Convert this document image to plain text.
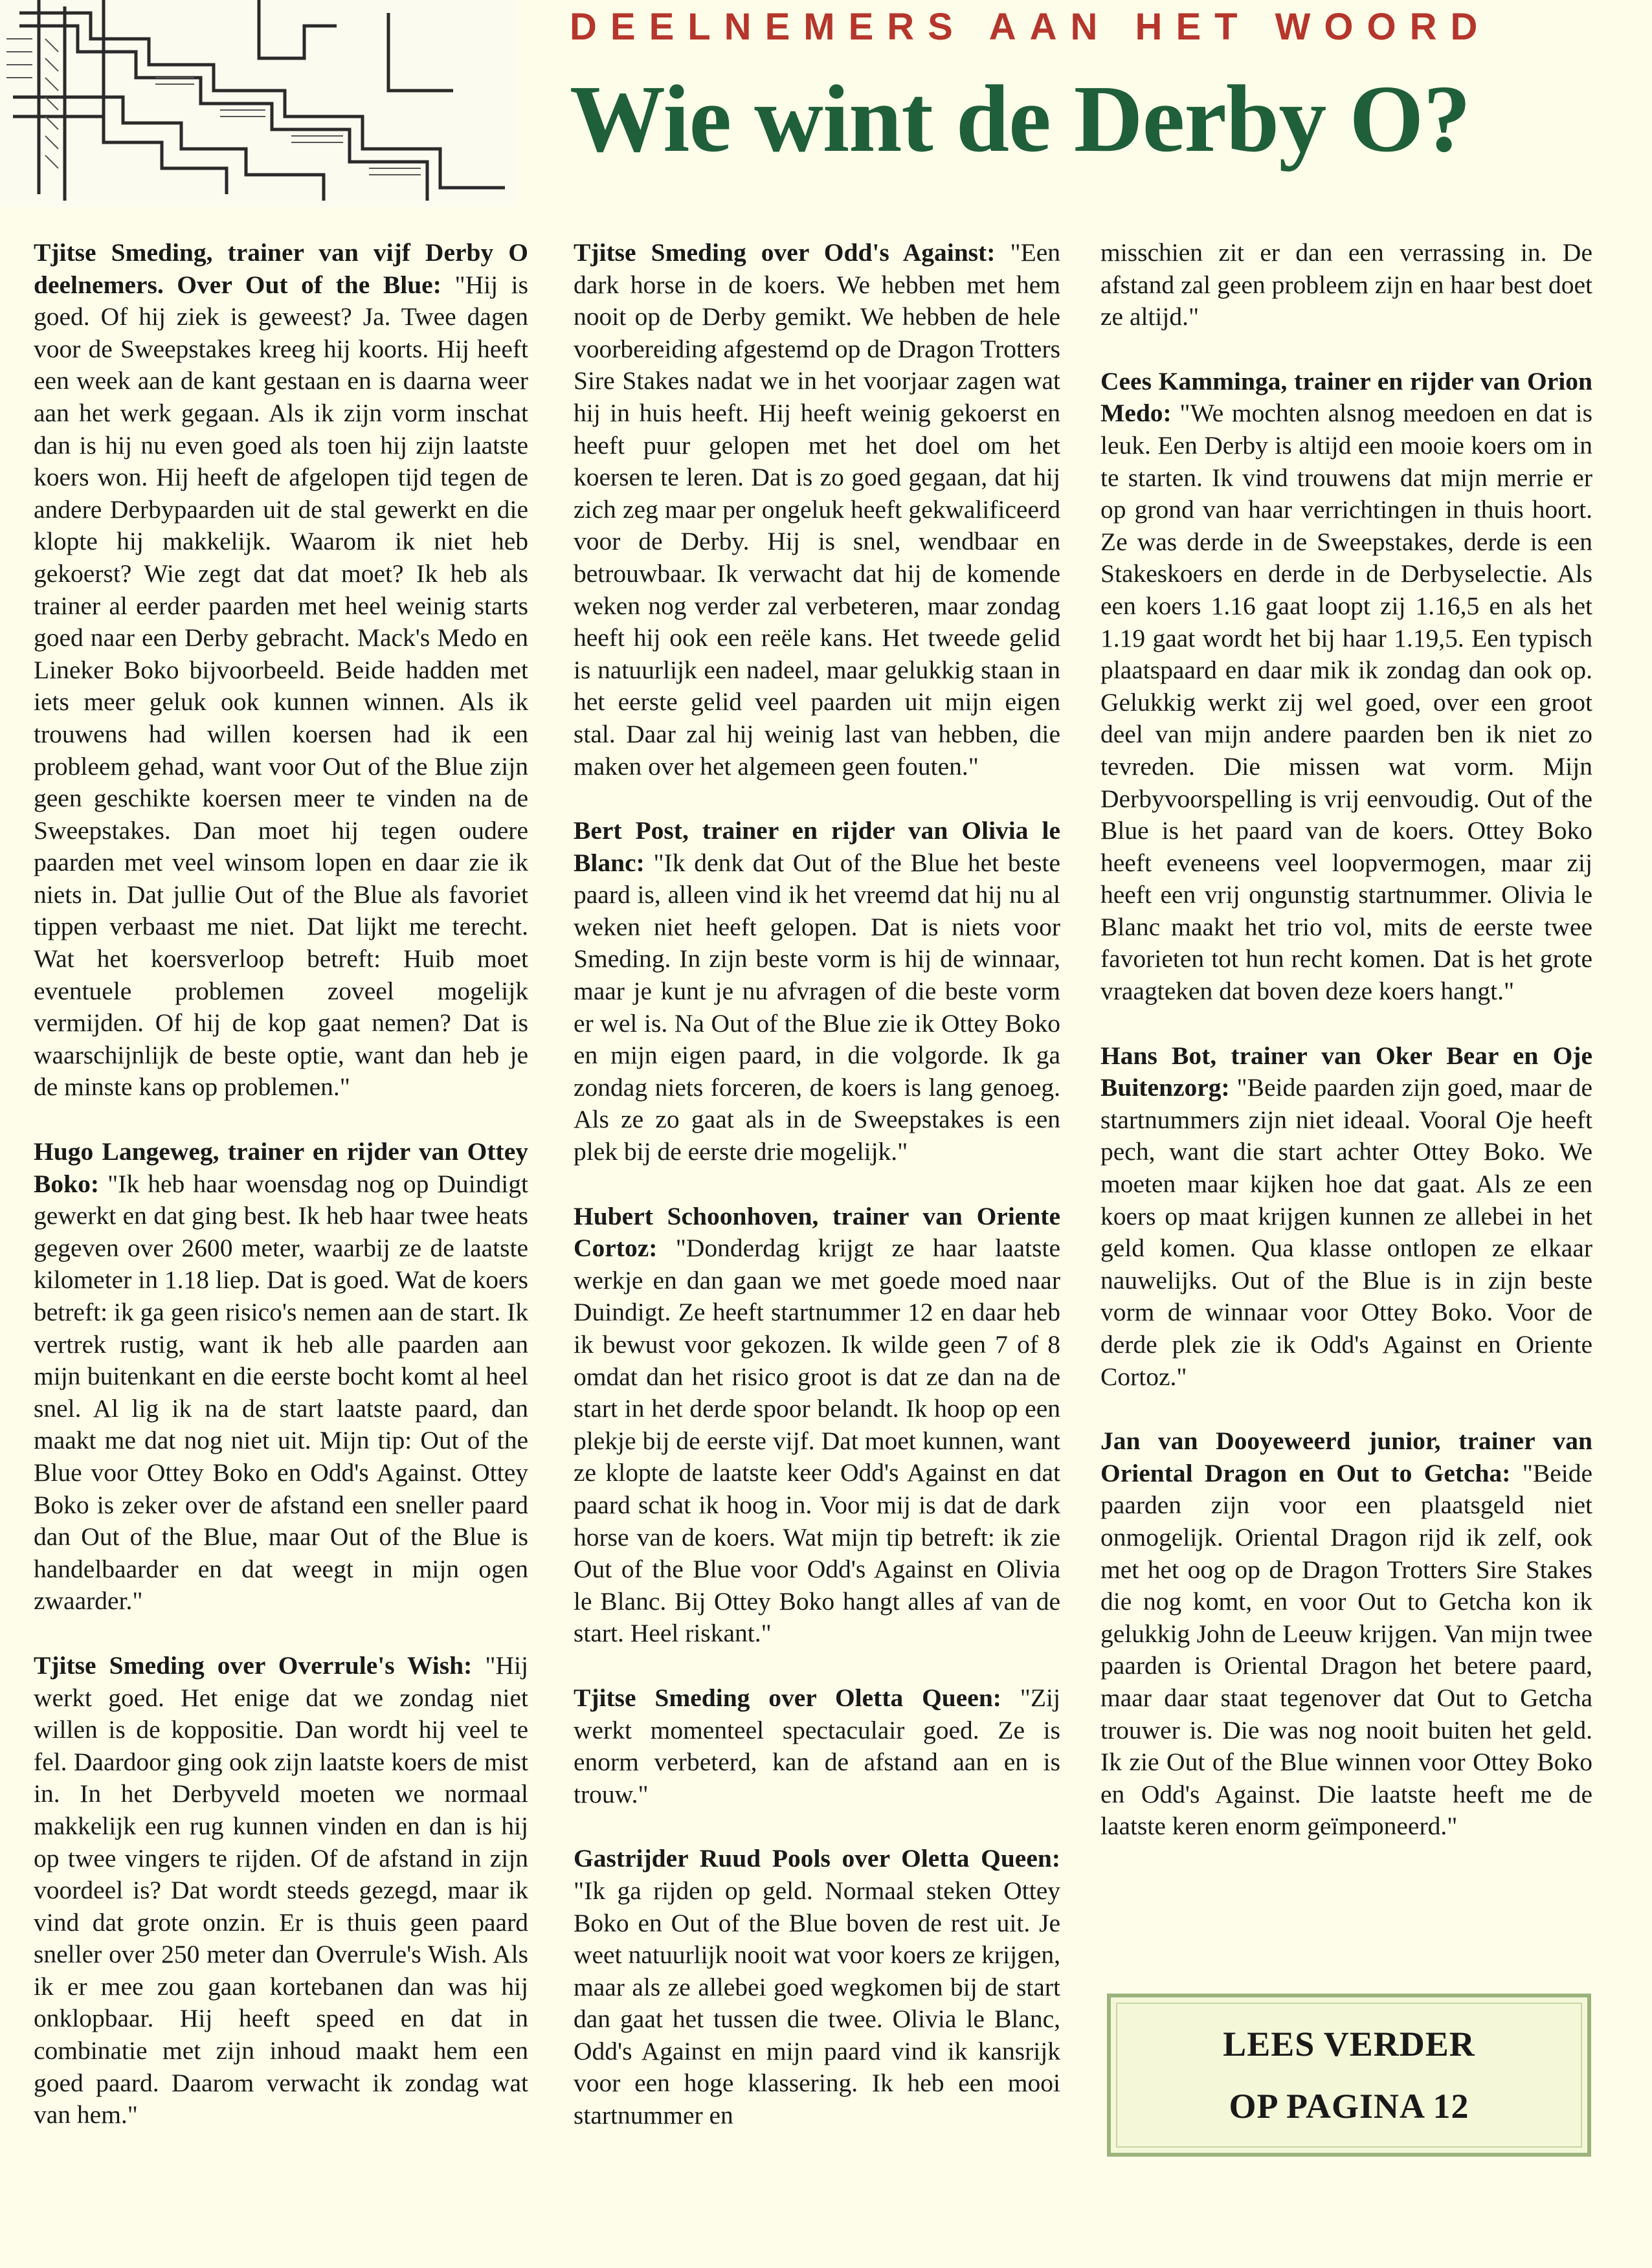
DEELNEMERS AAN HET WOORD
Wie wint de Derby O?

Tjitse Smeding, trainer van vijf Derby O deelnemers. Over Out of the Blue: "Hij is goed. Of hij ziek is geweest? Ja. Twee dagen voor de Sweepstakes kreeg hij koorts. Hij heeft een week aan de kant gestaan en is daarna weer aan het werk gegaan. Als ik zijn vorm inschat dan is hij nu even goed als toen hij zijn laatste koers won. Hij heeft de afgelopen tijd tegen de andere Derbypaarden uit de stal gewerkt en die klopte hij makkelijk. Waarom ik niet heb gekoerst? Wie zegt dat dat moet? Ik heb als trainer al eerder paarden met heel weinig starts goed naar een Derby gebracht. Mack's Medo en Lineker Boko bijvoorbeeld. Beide hadden met iets meer geluk ook kunnen winnen. Als ik trouwens had willen koersen had ik een probleem gehad, want voor Out of the Blue zijn geen geschikte koersen meer te vinden na de Sweepstakes. Dan moet hij tegen oudere paarden met veel winsom lopen en daar zie ik niets in. Dat jullie Out of the Blue als favoriet tippen verbaast me niet. Dat lijkt me terecht. Wat het koersverloop betreft: Huib moet eventuele problemen zoveel mogelijk vermijden. Of hij de kop gaat nemen? Dat is waarschijnlijk de beste optie, want dan heb je de minste kans op problemen."

Hugo Langeweg, trainer en rijder van Ottey Boko: "Ik heb haar woensdag nog op Duindigt gewerkt en dat ging best. Ik heb haar twee heats gegeven over 2600 meter, waarbij ze de laatste kilometer in 1.18 liep. Dat is goed. Wat de koers betreft: ik ga geen risico's nemen aan de start. Ik vertrek rustig, want ik heb alle paarden aan mijn buitenkant en die eerste bocht komt al heel snel. Al lig ik na de start laatste paard, dan maakt me dat nog niet uit. Mijn tip: Out of the Blue voor Ottey Boko en Odd's Against. Ottey Boko is zeker over de afstand een sneller paard dan Out of the Blue, maar Out of the Blue is handelbaarder en dat weegt in mijn ogen zwaarder."

Tjitse Smeding over Overrule's Wish: "Hij werkt goed. Het enige dat we zondag niet willen is de koppositie. Dan wordt hij veel te fel. Daardoor ging ook zijn laatste koers de mist in. In het Derbyveld moeten we normaal makkelijk een rug kunnen vinden en dan is hij op twee vingers te rijden. Of de afstand in zijn voordeel is? Dat wordt steeds gezegd, maar ik vind dat grote onzin. Er is thuis geen paard sneller over 250 meter dan Overrule's Wish. Als ik er mee zou gaan kortebanen dan was hij onklopbaar. Hij heeft speed en dat in combinatie met zijn inhoud maakt hem een goed paard. Daarom verwacht ik zondag wat van hem."

Tjitse Smeding over Odd's Against: "Een dark horse in de koers. We hebben met hem nooit op de Derby gemikt. We hebben de hele voorbereiding afgestemd op de Dragon Trotters Sire Stakes nadat we in het voorjaar zagen wat hij in huis heeft. Hij heeft weinig gekoerst en heeft puur gelopen met het doel om het koersen te leren. Dat is zo goed gegaan, dat hij zich zeg maar per ongeluk heeft gekwalificeerd voor de Derby. Hij is snel, wendbaar en betrouwbaar. Ik verwacht dat hij de komende weken nog verder zal verbeteren, maar zondag heeft hij ook een reële kans. Het tweede gelid is natuurlijk een nadeel, maar gelukkig staan in het eerste gelid veel paarden uit mijn eigen stal. Daar zal hij weinig last van hebben, die maken over het algemeen geen fouten."

Bert Post, trainer en rijder van Olivia le Blanc: "Ik denk dat Out of the Blue het beste paard is, alleen vind ik het vreemd dat hij nu al weken niet heeft gelopen. Dat is niets voor Smeding. In zijn beste vorm is hij de winnaar, maar je kunt je nu afvragen of die beste vorm er wel is. Na Out of the Blue zie ik Ottey Boko en mijn eigen paard, in die volgorde. Ik ga zondag niets forceren, de koers is lang genoeg. Als ze zo gaat als in de Sweepstakes is een plek bij de eerste drie mogelijk."

Hubert Schoonhoven, trainer van Oriente Cortoz: "Donderdag krijgt ze haar laatste werkje en dan gaan we met goede moed naar Duindigt. Ze heeft startnummer 12 en daar heb ik bewust voor gekozen. Ik wilde geen 7 of 8 omdat dan het risico groot is dat ze dan na de start in het derde spoor belandt. Ik hoop op een plekje bij de eerste vijf. Dat moet kunnen, want ze klopte de laatste keer Odd's Against en dat paard schat ik hoog in. Voor mij is dat de dark horse van de koers. Wat mijn tip betreft: ik zie Out of the Blue voor Odd's Against en Olivia le Blanc. Bij Ottey Boko hangt alles af van de start. Heel riskant."

Tjitse Smeding over Oletta Queen: "Zij werkt momenteel spectaculair goed. Ze is enorm verbeterd, kan de afstand aan en is trouw."

Gastrijder Ruud Pools over Oletta Queen: "Ik ga rijden op geld. Normaal steken Ottey Boko en Out of the Blue boven de rest uit. Je weet natuurlijk nooit wat voor koers ze krijgen, maar als ze allebei goed wegkomen bij de start dan gaat het tussen die twee. Olivia le Blanc, Odd's Against en mijn paard vind ik kansrijk voor een hoge klassering. Ik heb een mooi startnummer en

misschien zit er dan een verrassing in. De afstand zal geen probleem zijn en haar best doet ze altijd."

Cees Kamminga, trainer en rijder van Orion Medo: "We mochten alsnog meedoen en dat is leuk. Een Derby is altijd een mooie koers om in te starten. Ik vind trouwens dat mijn merrie er op grond van haar verrichtingen in thuis hoort. Ze was derde in de Sweepstakes, derde is een Stakeskoers en derde in de Derbyselectie. Als een koers 1.16 gaat loopt zij 1.16,5 en als het 1.19 gaat wordt het bij haar 1.19,5. Een typisch plaatspaard en daar mik ik zondag dan ook op. Gelukkig werkt zij wel goed, over een groot deel van mijn andere paarden ben ik niet zo tevreden. Die missen wat vorm. Mijn Derbyvoorspelling is vrij eenvoudig. Out of the Blue is het paard van de koers. Ottey Boko heeft eveneens veel loopvermogen, maar zij heeft een vrij ongunstig startnummer. Olivia le Blanc maakt het trio vol, mits de eerste twee favorieten tot hun recht komen. Dat is het grote vraagteken dat boven deze koers hangt."

Hans Bot, trainer van Oker Bear en Oje Buitenzorg: "Beide paarden zijn goed, maar de startnummers zijn niet ideaal. Vooral Oje heeft pech, want die start achter Ottey Boko. We moeten maar kijken hoe dat gaat. Als ze een koers op maat krijgen kunnen ze allebei in het geld komen. Qua klasse ontlopen ze elkaar nauwelijks. Out of the Blue is in zijn beste vorm de winnaar voor Ottey Boko. Voor de derde plek zie ik Odd's Against en Oriente Cortoz."

Jan van Dooyeweerd junior, trainer van Oriental Dragon en Out to Getcha: "Beide paarden zijn voor een plaatsgeld niet onmogelijk. Oriental Dragon rijd ik zelf, ook met het oog op de Dragon Trotters Sire Stakes die nog komt, en voor Out to Getcha kon ik gelukkig John de Leeuw krijgen. Van mijn twee paarden is Oriental Dragon het betere paard, maar daar staat tegenover dat Out to Getcha trouwer is. Die was nog nooit buiten het geld. Ik zie Out of the Blue winnen voor Ottey Boko en Odd's Against. Die laatste heeft me de laatste keren enorm geïmponeerd."

LEES VERDER
OP PAGINA 12
